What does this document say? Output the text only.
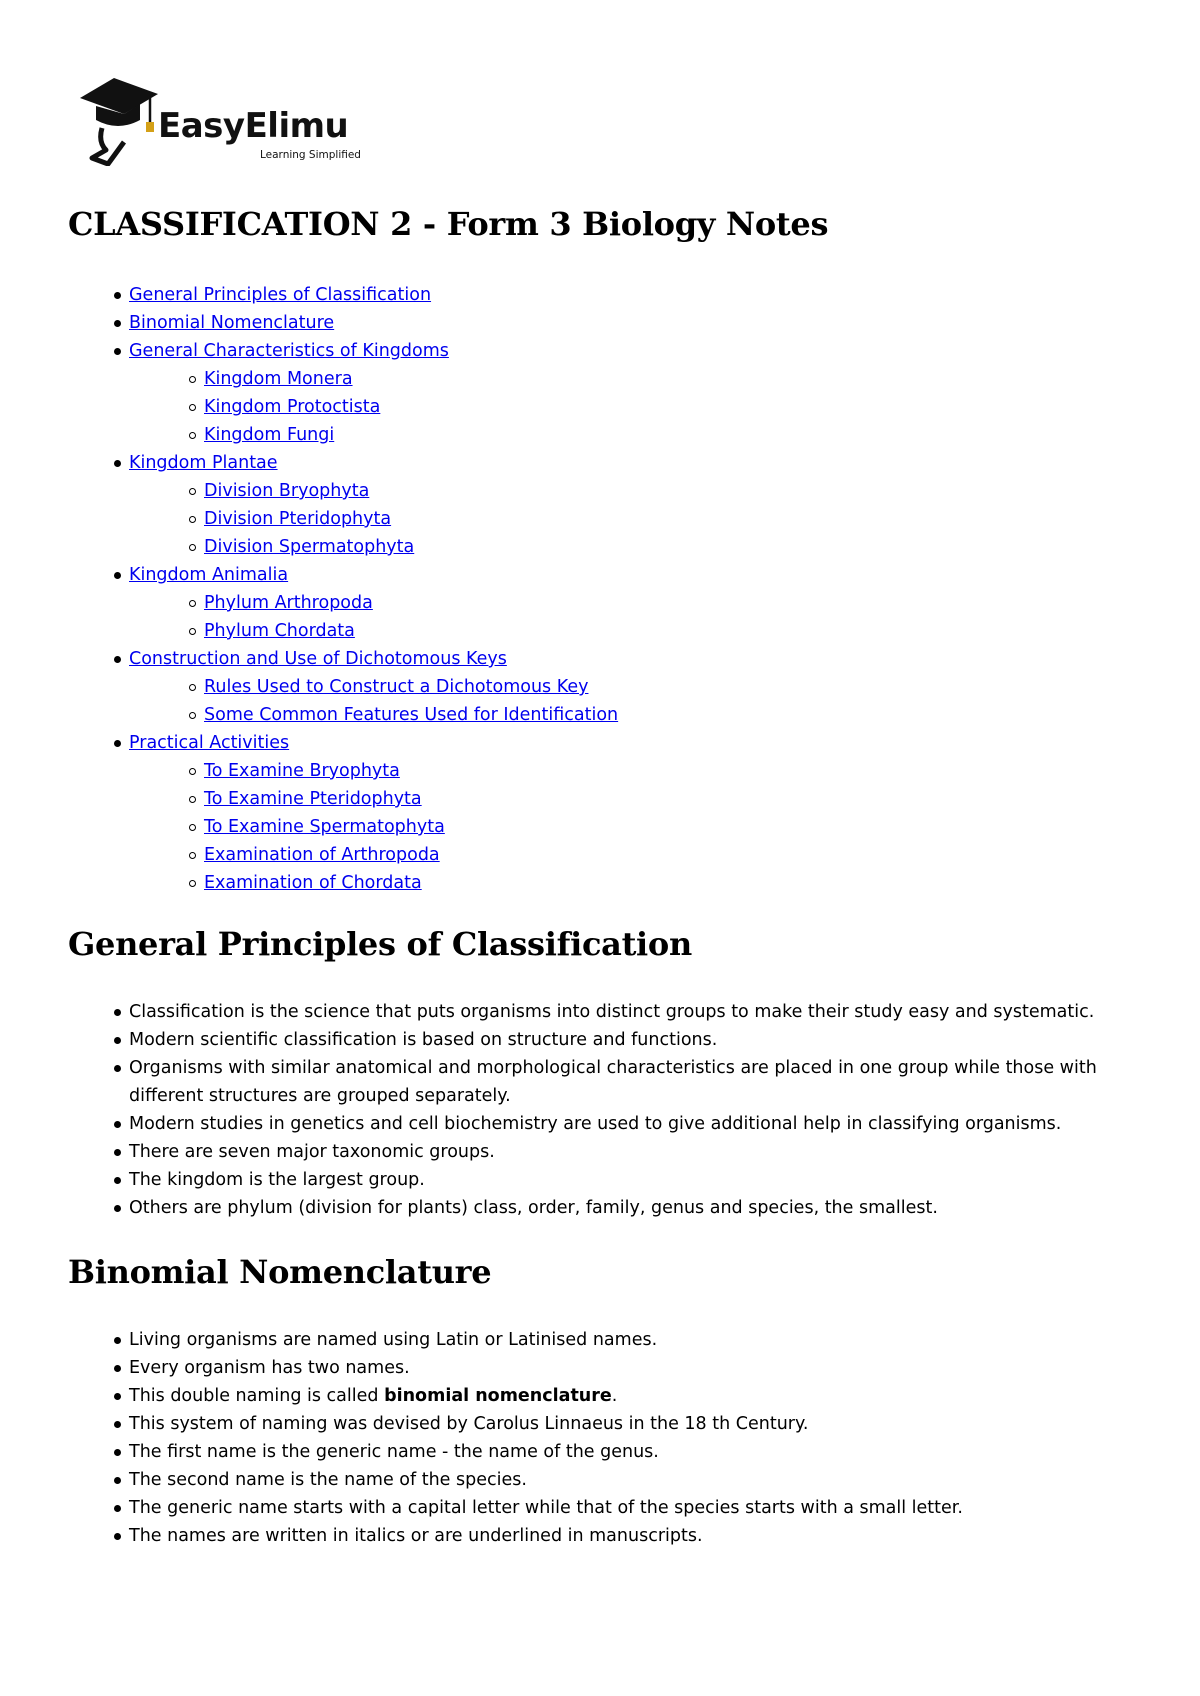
EasyElimu
Learning Simplified
CLASSIFICATION 2 - Form 3 Biology Notes
General Principles of Classification
Binomial Nomenclature
General Characteristics of Kingdoms
Kingdom Monera
Kingdom Protoctista
Kingdom Fungi
Kingdom Plantae
Division Bryophyta
Division Pteridophyta
Division Spermatophyta
Kingdom Animalia
Phylum Arthropoda
Phylum Chordata
Construction and Use of Dichotomous Keys
Rules Used to Construct a Dichotomous Key
Some Common Features Used for Identification
Practical Activities
To Examine Bryophyta
To Examine Pteridophyta
To Examine Spermatophyta
Examination of Arthropoda
Examination of Chordata
General Principles of Classification
Classification is the science that puts organisms into distinct groups to make their study easy and systematic.
Modern scientific classification is based on structure and functions.
Organisms with similar anatomical and morphological characteristics are placed in one group while those with different structures are grouped separately.
Modern studies in genetics and cell biochemistry are used to give additional help in classifying organisms.
There are seven major taxonomic groups.
The kingdom is the largest group.
Others are phylum (division for plants) class, order, family, genus and species, the smallest.
Binomial Nomenclature
Living organisms are named using Latin or Latinised names.
Every organism has two names.
This double naming is called binomial nomenclature.
This system of naming was devised by Carolus Linnaeus in the 18 th Century.
The first name is the generic name - the name of the genus.
The second name is the name of the species.
The generic name starts with a capital letter while that of the species starts with a small letter.
The names are written in italics or are underlined in manuscripts.
